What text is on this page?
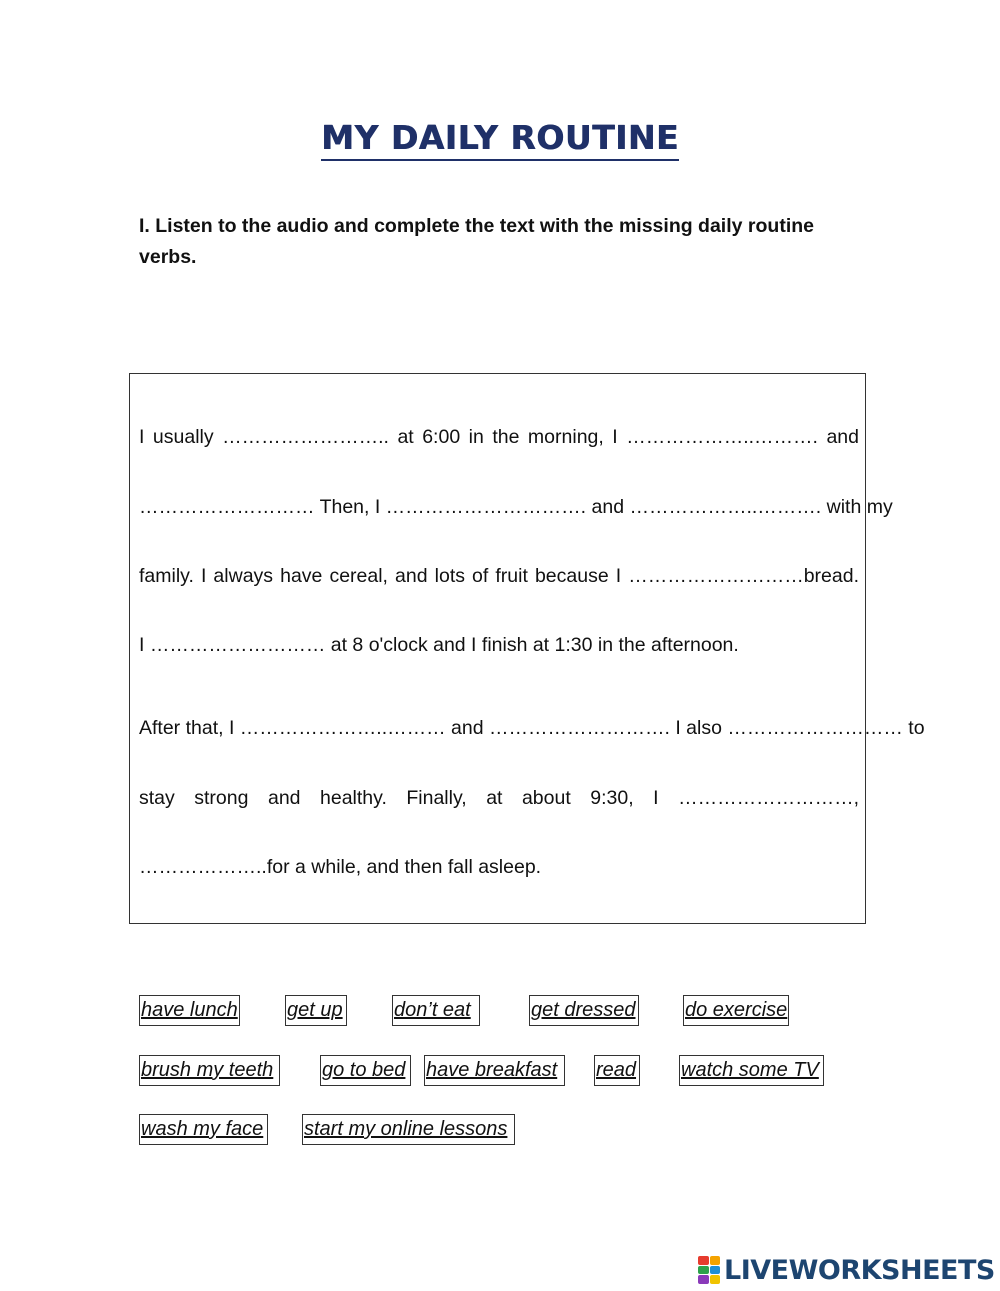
MY DAILY ROUTINE

I. Listen to the audio and complete the text with the missing daily routine verbs.

I usually …………………….. at 6:00 in the morning, I ………………..………. and
……………………… Then, I …………………………. and ………………..………. with my
family. I always have cereal, and lots of fruit because I ………………………bread.
I ……………………… at 8 o'clock and I finish at 1:30 in the afternoon.
After that, I …………………..……… and ………………………. I also ……………………… to
stay strong and healthy. Finally, at about 9:30, I ………………………,
………………..for a while, and then fall asleep.
have lunch get up	don’t eat	get dressed do exercise
brush my teeth	go to bed have breakfast	read watch some TV
wash my face start my online lessons
LIVEWORKSHEETS
